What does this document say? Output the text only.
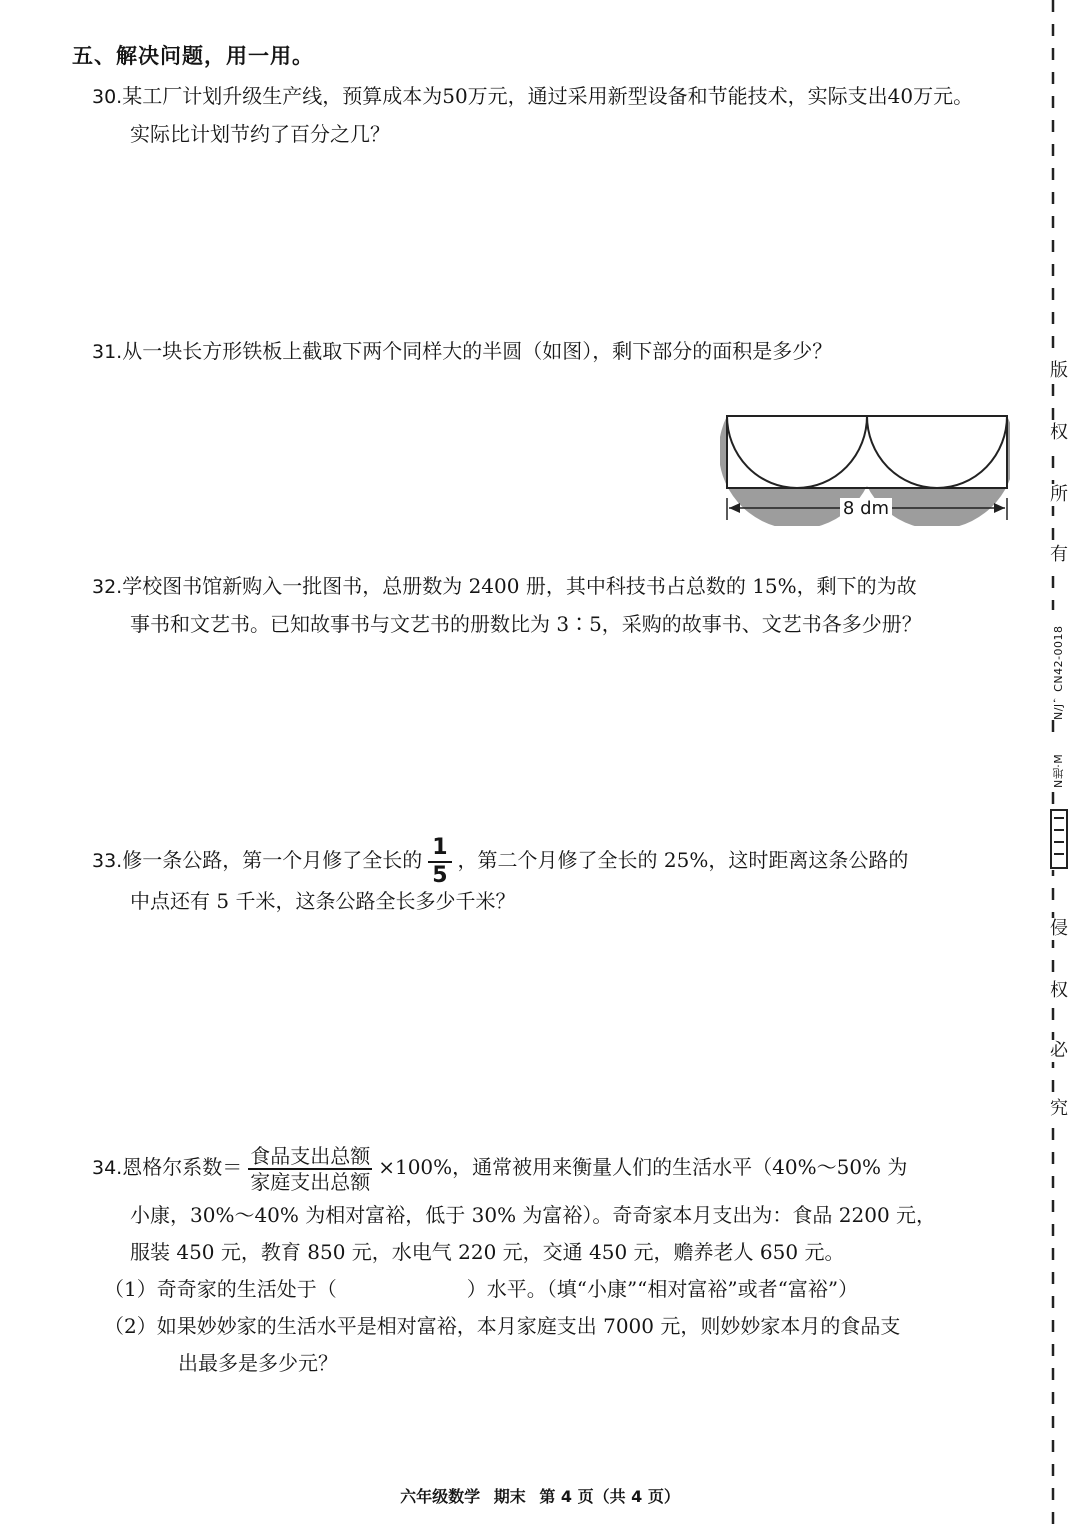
五、解决问题，用一用。
30.某工厂计划升级生产线，预算成本为50万元，通过采用新型设备和节能技术，实际支出40万元。
实际比计划节约了百分之几？
31.从一块长方形铁板上截取下两个同样大的半圆（如图），剩下部分的面积是多少？
8 dm
32.学校图书馆新购入一批图书，总册数为 2400 册，其中科技书占总数的 15%，剩下的为故
事书和文艺书。已知故事书与文艺书的册数比为 3∶5，采购的故事书、文艺书各多少册？
33.修一条公路，第一个月修了全长的 $\frac{1}{5}$ ，第二个月修了全长的 25%，这时距离这条公路的
中点还有 5 千米，这条公路全长多少千米？
34.恩格尔系数＝ $\frac{\text{食品支出总额}}{\text{家庭支出总额}} \times 100\%$，通常被用来衡量人们的生活水平（40%～50% 为
小康，30%～40% 为相对富裕，低于 30% 为富裕）。奇奇家本月支出为：食品 2200 元，
服装 450 元，教育 850 元，水电气 220 元，交通 450 元，赡养老人 650 元。
（1）奇奇家的生活处于（	）水平。（填“小康”“相对富裕”或者“富裕”）
（2）如果妙妙家的生活水平是相对富裕，本月家庭支出 7000 元，则妙妙家本月的食品支
出最多是多少元？
版
权
所
有
N/J，CN42-0018
N地·M
侵
权
必
究
六年级数学 期末 第 4 页（共 4 页）
